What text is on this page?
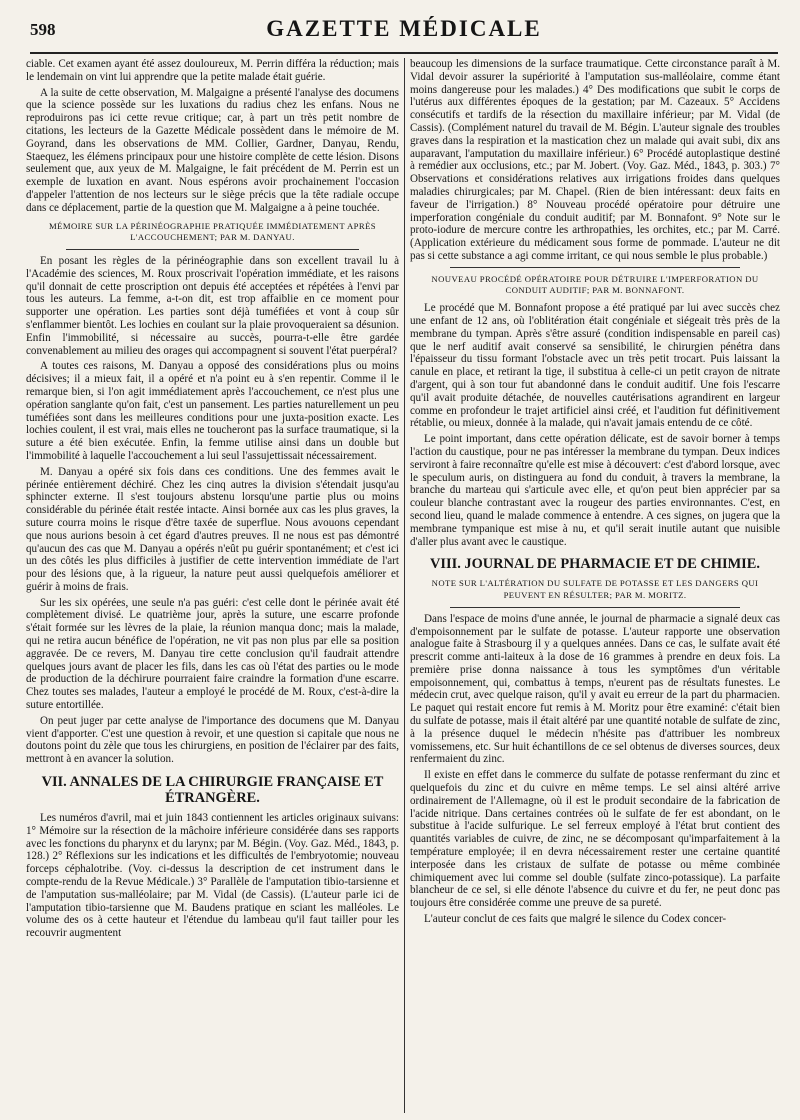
598	GAZETTE MÉDICALE

ciable. Cet examen ayant été assez douloureux, M. Perrin différa la réduction; mais le lendemain on vint lui apprendre que la petite malade était guérie.

A la suite de cette observation, M. Malgaigne a présenté l'analyse des documens que la science possède sur les luxations du radius chez les enfans. Nous ne reproduirons pas ici cette revue critique; car, à part un très petit nombre de citations, les lecteurs de la Gazette Médicale possèdent dans le mémoire de M. Goyrand, dans les observations de MM. Collier, Gardner, Danyau, Rendu, Staequez, les élémens principaux pour une histoire complète de cette lésion. Disons seulement que, aux yeux de M. Malgaigne, le fait précédent de M. Perrin est un exemple de luxation en avant. Nous espérons avoir prochainement l'occasion d'appeler l'attention de nos lecteurs sur le siège précis que la tête radiale occupe dans ce déplacement, partie de la question que M. Malgaigne a à peine touchée.

MÉMOIRE SUR LA PÉRINÉOGRAPHIE PRATIQUÉE IMMÉDIATEMENT APRÈS L'ACCOUCHEMENT; PAR M. DANYAU.

En posant les règles de la périnéographie dans son excellent travail lu à l'Académie des sciences, M. Roux proscrivait l'opération immédiate, et les raisons qu'il donnait de cette proscription ont depuis été acceptées et répétées à l'envi par tous les auteurs. La femme, a-t-on dit, est trop affaiblie en ce moment pour supporter une opération. Les parties sont déjà tuméfiées et vont à coup sûr s'enflammer bientôt. Les lochies en coulant sur la plaie provoqueraient sa désunion. Enfin l'immobilité, si nécessaire au succès, pourra-t-elle être gardée convenablement au milieu des orages qui accompagnent si souvent l'état puerpéral?

A toutes ces raisons, M. Danyau a opposé des considérations plus ou moins décisives; il a mieux fait, il a opéré et n'a point eu à s'en repentir. Comme il le remarque bien, si l'on agit immédiatement après l'accouchement, ce n'est plus une opération sanglante qu'on fait, c'est un pansement. Les parties naturellement un peu tuméfiées sont dans les meilleures conditions pour une juxta-position exacte. Les lochies coulent, il est vrai, mais elles ne toucheront pas la surface traumatique, si la suture a été bien exécutée. Enfin, la femme utilise ainsi dans un double but l'immobilité à laquelle l'accouchement a lui seul l'assujettissait nécessairement.

M. Danyau a opéré six fois dans ces conditions. Une des femmes avait le périnée entièrement déchiré. Chez les cinq autres la division s'étendait jusqu'au sphincter externe. Il s'est toujours abstenu lorsqu'une partie plus ou moins considérable du périnée était restée intacte. Ainsi bornée aux cas les plus graves, la suture courra moins le risque d'être taxée de superflue. Nous avouons cependant que nous aurions besoin à cet égard d'autres preuves. Il ne nous est pas démontré qu'aucun des cas que M. Danyau a opérés n'eût pu guérir spontanément; et c'est ici un des côtés les plus difficiles à justifier de cette intervention immédiate de l'art pour des lésions que, à la rigueur, la nature peut aussi quelquefois améliorer et guérir à moins de frais.

Sur les six opérées, une seule n'a pas guéri: c'est celle dont le périnée avait été complètement divisé. Le quatrième jour, après la suture, une escarre profonde s'était formée sur les lèvres de la plaie, la réunion manqua donc; mais la malade, qui ne retira aucun bénéfice de l'opération, ne vit pas non plus par elle sa position aggravée. De ce revers, M. Danyau tire cette conclusion qu'il faudrait attendre quelques jours avant de placer les fils, dans les cas où l'état des parties ou le mode de production de la déchirure pourraient faire craindre la formation d'une escarre. Chez toutes ses malades, l'auteur a employé le procédé de M. Roux, c'est-à-dire la suture entortillée.

On peut juger par cette analyse de l'importance des documens que M. Danyau vient d'apporter. C'est une question à revoir, et une question si capitale que nous ne doutons point du zèle que tous les chirurgiens, en position de l'éclairer par des faits, mettront à en avancer la solution.

VII. ANNALES DE LA CHIRURGIE FRANÇAISE ET ÉTRANGÈRE.

Les numéros d'avril, mai et juin 1843 contiennent les articles originaux suivans: 1° Mémoire sur la résection de la mâchoire inférieure considérée dans ses rapports avec les fonctions du pharynx et du larynx; par M. Bégin. (Voy. Gaz. Méd., 1843, p. 128.) 2° Réflexions sur les indications et les difficultés de l'embryotomie; nouveau forceps céphalotribe. (Voy. ci-dessus la description de cet instrument dans le compte-rendu de la Revue Médicale.) 3° Parallèle de l'amputation tibio-tarsienne et de l'amputation sus-malléolaire; par M. Vidal (de Cassis). (L'auteur parle ici de l'amputation tibio-tarsienne que M. Baudens pratique en sciant les malléoles. Le volume des os à cette hauteur et l'étendue du lambeau qu'il faut tailler pour les recouvrir augmentent

beaucoup les dimensions de la surface traumatique. Cette circonstance paraît à M. Vidal devoir assurer la supériorité à l'amputation sus-malléolaire, comme étant moins dangereuse pour les malades.) 4° Des modifications que subit le corps de l'utérus aux différentes époques de la gestation; par M. Cazeaux. 5° Accidens consécutifs et tardifs de la résection du maxillaire inférieur; par M. Vidal (de Cassis). (Complément naturel du travail de M. Bégin. L'auteur signale des troubles graves dans la respiration et la mastication chez un malade qui avait subi, dix ans auparavant, l'amputation du maxillaire inférieur.) 6° Procédé autoplastique destiné à remédier aux occlusions, etc.; par M. Jobert. (Voy. Gaz. Méd., 1843, p. 303.) 7° Observations et considérations relatives aux irrigations froides dans quelques maladies chirurgicales; par M. Chapel. (Rien de bien intéressant: deux faits en faveur de l'irrigation.) 8° Nouveau procédé opératoire pour détruire une imperforation congéniale du conduit auditif; par M. Bonnafont. 9° Note sur le proto-iodure de mercure contre les arthropathies, les orchites, etc.; par M. Carré. (Application extérieure du médicament sous forme de pommade. L'auteur ne dit pas si cette substance a agi comme irritant, ce qui nous semble le plus probable.)

NOUVEAU PROCÉDÉ OPÉRATOIRE POUR DÉTRUIRE L'IMPERFORATION DU CONDUIT AUDITIF; PAR M. BONNAFONT.

Le procédé que M. Bonnafont propose a été pratiqué par lui avec succès chez une enfant de 12 ans, où l'oblitération était congéniale et siégeait très près de la membrane du tympan. Après s'être assuré (condition indispensable en pareil cas) que le nerf auditif avait conservé sa sensibilité, le chirurgien pénétra dans l'épaisseur du tissu formant l'obstacle avec un très petit trocart. Puis laissant la canule en place, et retirant la tige, il substitua à celle-ci un petit crayon de nitrate d'argent, qui à son tour fut abandonné dans le conduit auditif. Une fois l'escarre qu'il avait produite détachée, de nouvelles cautérisations agrandirent en largeur comme en profondeur le trajet artificiel ainsi créé, et l'audition fut définitivement rétablie, ou mieux, donnée à la malade, qui n'avait jamais entendu de ce côté.

Le point important, dans cette opération délicate, est de savoir borner à temps l'action du caustique, pour ne pas intéresser la membrane du tympan. Deux indices serviront à faire reconnaître qu'elle est mise à découvert: c'est d'abord lorsque, avec le speculum auris, on distinguera au fond du conduit, à travers la membrane, la branche du marteau qui s'articule avec elle, et qu'on peut bien apprécier par sa couleur blanche contrastant avec la rougeur des parties environnantes. C'est, en second lieu, quand le malade commence à entendre. A ces signes, on jugera que la membrane tympanique est mise à nu, et qu'il serait inutile autant que nuisible d'aller plus avant avec le caustique.

VIII. JOURNAL DE PHARMACIE ET DE CHIMIE.
NOTE SUR L'ALTÉRATION DU SULFATE DE POTASSE ET LES DANGERS QUI PEUVENT EN RÉSULTER; PAR M. MORITZ.

Dans l'espace de moins d'une année, le journal de pharmacie a signalé deux cas d'empoisonnement par le sulfate de potasse. L'auteur rapporte une observation analogue faite à Strasbourg il y a quelques années. Dans ce cas, le sulfate avait été prescrit comme anti-laiteux à la dose de 16 grammes à prendre en deux fois. La première prise donna naissance à tous les symptômes d'un véritable empoisonnement, qui, combattus à temps, n'eurent pas de résultats funestes. Le médecin crut, avec quelque raison, qu'il y avait eu erreur de la part du pharmacien. Le paquet qui restait encore fut remis à M. Moritz pour être examiné: c'était bien du sulfate de potasse, mais il était altéré par une quantité notable de sulfate de zinc, à la présence duquel le médecin n'hésite pas d'attribuer les nombreux vomissemens, etc. Sur huit échantillons de ce sel obtenus de diverses sources, deux renfermaient du zinc.

Il existe en effet dans le commerce du sulfate de potasse renfermant du zinc et quelquefois du zinc et du cuivre en même temps. Le sel ainsi altéré arrive ordinairement de l'Allemagne, où il est le produit secondaire de la fabrication de l'acide nitrique. Dans certaines contrées où le sulfate de fer est abondant, on le substitue à l'acide sulfurique. Le sel ferreux employé à l'état brut contient des quantités variables de cuivre, de zinc, ne se décomposant qu'imparfaitement à la température employée; il en devra nécessairement rester une certaine quantité interposée dans les cristaux de sulfate de potasse ou même combinée chimiquement avec lui comme sel double (sulfate zinco-potassique). La parfaite blancheur de ce sel, si elle dénote l'absence du cuivre et du fer, ne peut donc pas toujours être considérée comme une preuve de sa pureté.

L'auteur conclut de ces faits que malgré le silence du Codex concer-
